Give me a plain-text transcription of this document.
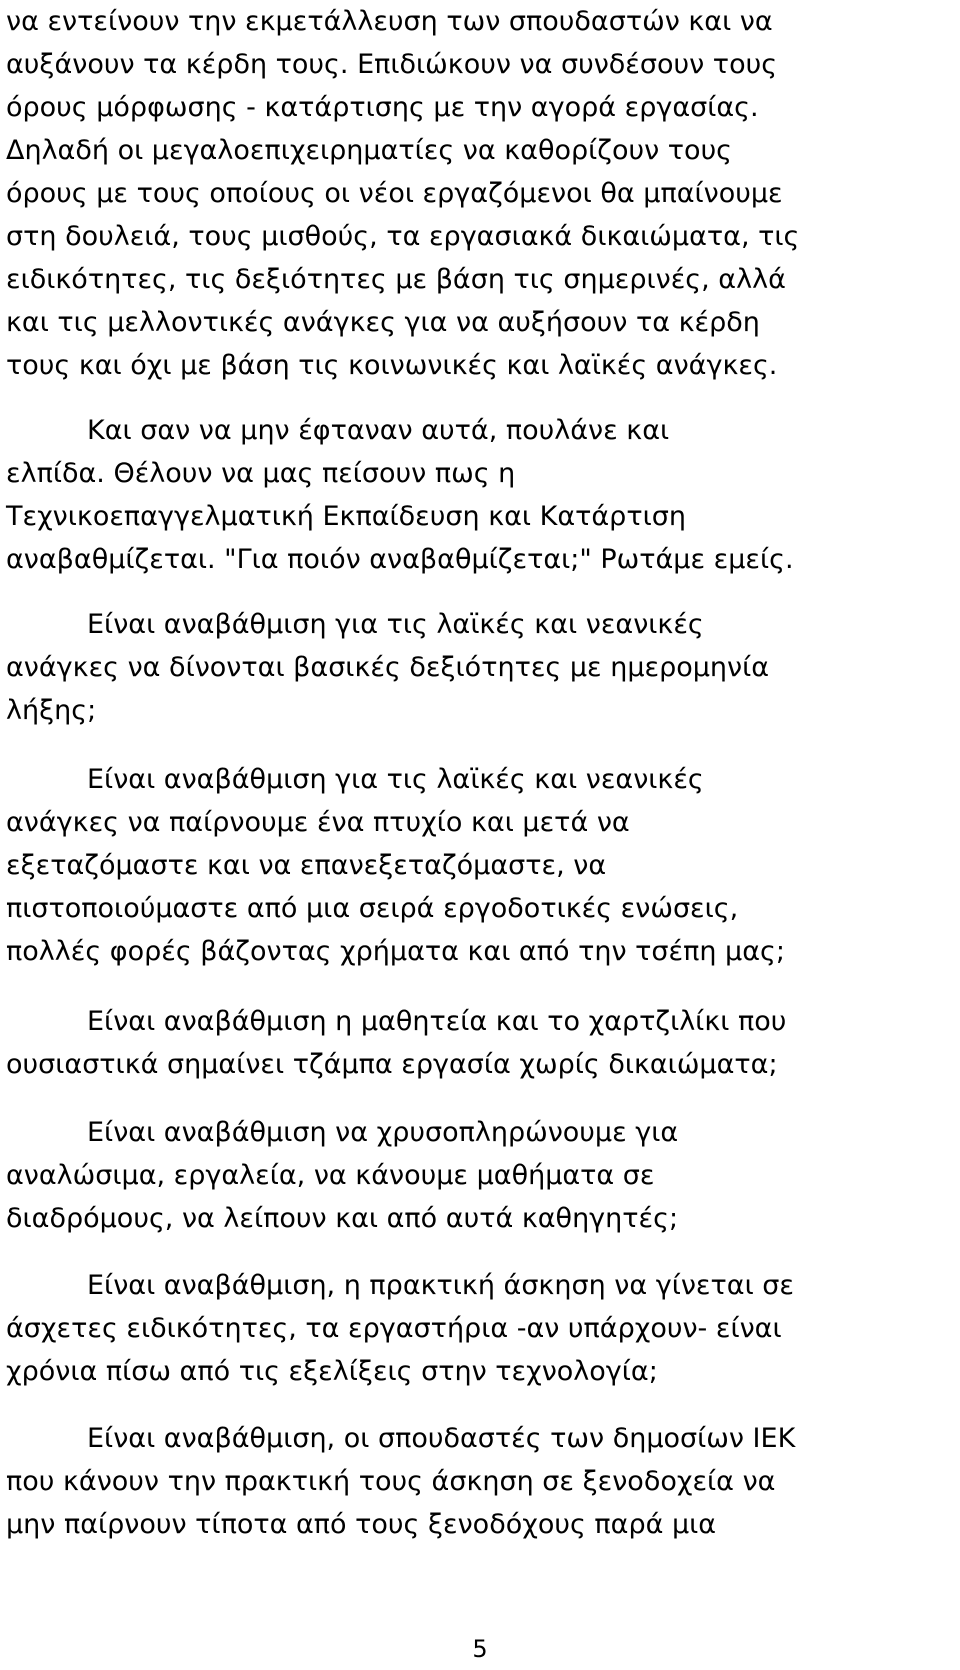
να εντείνουν την εκμετάλλευση των σπουδαστών και να
αυξάνουν τα κέρδη τους. Επιδιώκουν να συνδέσουν τους
όρους μόρφωσης - κατάρτισης με την αγορά εργασίας.
Δηλαδή οι μεγαλοεπιχειρηματίες να καθορίζουν τους
όρους με τους οποίους οι νέοι εργαζόμενοι θα μπαίνουμε
στη δουλειά, τους μισθούς, τα εργασιακά δικαιώματα, τις
ειδικότητες, τις δεξιότητες με βάση τις σημερινές, αλλά
και τις μελλοντικές ανάγκες για να αυξήσουν τα κέρδη
τους και όχι με βάση τις κοινωνικές και λαϊκές ανάγκες.
Και σαν να μην έφταναν αυτά, πουλάνε και
ελπίδα. Θέλουν να μας πείσουν πως η
Τεχνικοεπαγγελματική Εκπαίδευση και Κατάρτιση
αναβαθμίζεται. "Για ποιόν αναβαθμίζεται;" Ρωτάμε εμείς.
Είναι αναβάθμιση για τις λαϊκές και νεανικές
ανάγκες να δίνονται βασικές δεξιότητες με ημερομηνία
λήξης;
Είναι αναβάθμιση για τις λαϊκές και νεανικές
ανάγκες να παίρνουμε ένα πτυχίο και μετά να
εξεταζόμαστε και να επανεξεταζόμαστε, να
πιστοποιούμαστε από μια σειρά εργοδοτικές ενώσεις,
πολλές φορές βάζοντας χρήματα και από την τσέπη μας;
Είναι αναβάθμιση η μαθητεία και το χαρτζιλίκι που
ουσιαστικά σημαίνει τζάμπα εργασία χωρίς δικαιώματα;
Είναι αναβάθμιση να χρυσοπληρώνουμε για
αναλώσιμα, εργαλεία, να κάνουμε μαθήματα σε
διαδρόμους, να λείπουν και από αυτά καθηγητές;
Είναι αναβάθμιση, η πρακτική άσκηση να γίνεται σε
άσχετες ειδικότητες, τα εργαστήρια -αν υπάρχουν- είναι
χρόνια πίσω από τις εξελίξεις στην τεχνολογία;
Είναι αναβάθμιση, οι σπουδαστές των δημοσίων ΙΕΚ
που κάνουν την πρακτική τους άσκηση σε ξενοδοχεία να
μην παίρνουν τίποτα από τους ξενοδόχους παρά μια
5
